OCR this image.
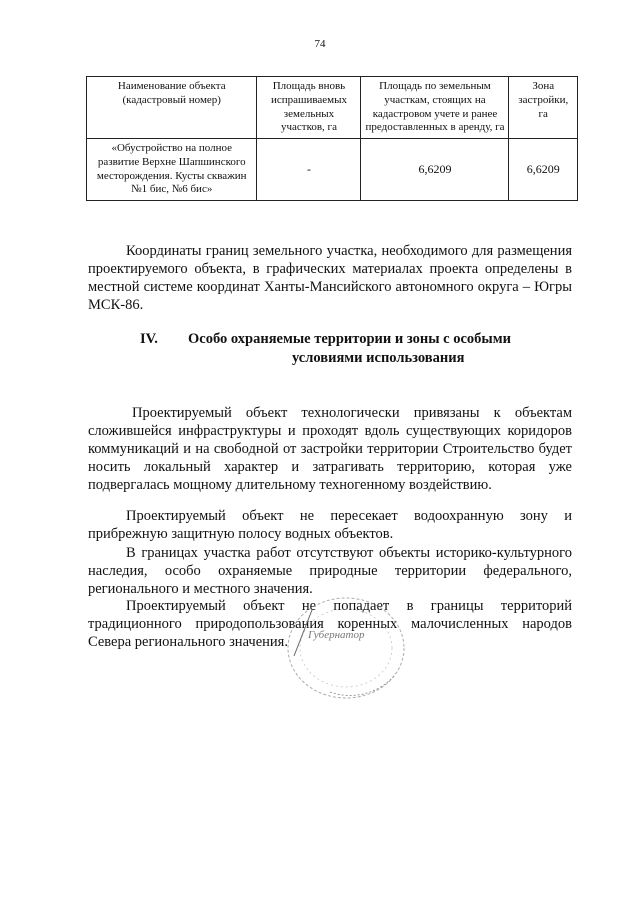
74
Наименование объекта (кадастровый номер)	Площадь вновь испрашиваемых земельных участков, га	Площадь по земельным участкам, стоящих на кадастровом учете и ранее предоставленных в аренду, га	Зона застройки, га
«Обустройство на полное развитие Верхне Шапшинского месторождения. Кусты скважин №1 бис, №6 бис»	-	6,6209	6,6209

Координаты границ земельного участка, необходимого для размещения проектируемого объекта, в графических материалах проекта определены в местной системе координат Ханты-Мансийского автономного округа – Югры МСК-86.

IV. Особо охраняемые территории и зоны с особыми
условиями использования

Проектируемый объект технологически привязаны к объектам сложившейся инфраструктуры и проходят вдоль существующих коридоров коммуникаций и на свободной от застройки территории Строительство будет носить локальный характер и затрагивать территорию, которая уже подвергалась мощному длительному техногенному воздействию.

Проектируемый объект не пересекает водоохранную зону и прибрежную защитную полосу водных объектов.

В границах участка работ отсутствуют объекты историко-культурного наследия, особо охраняемые природные территории федерального, регионального и местного значения.

Проектируемый объект не попадает в границы территорий традиционного природопользования коренных малочисленных народов Севера регионального значения.	Губернатор
